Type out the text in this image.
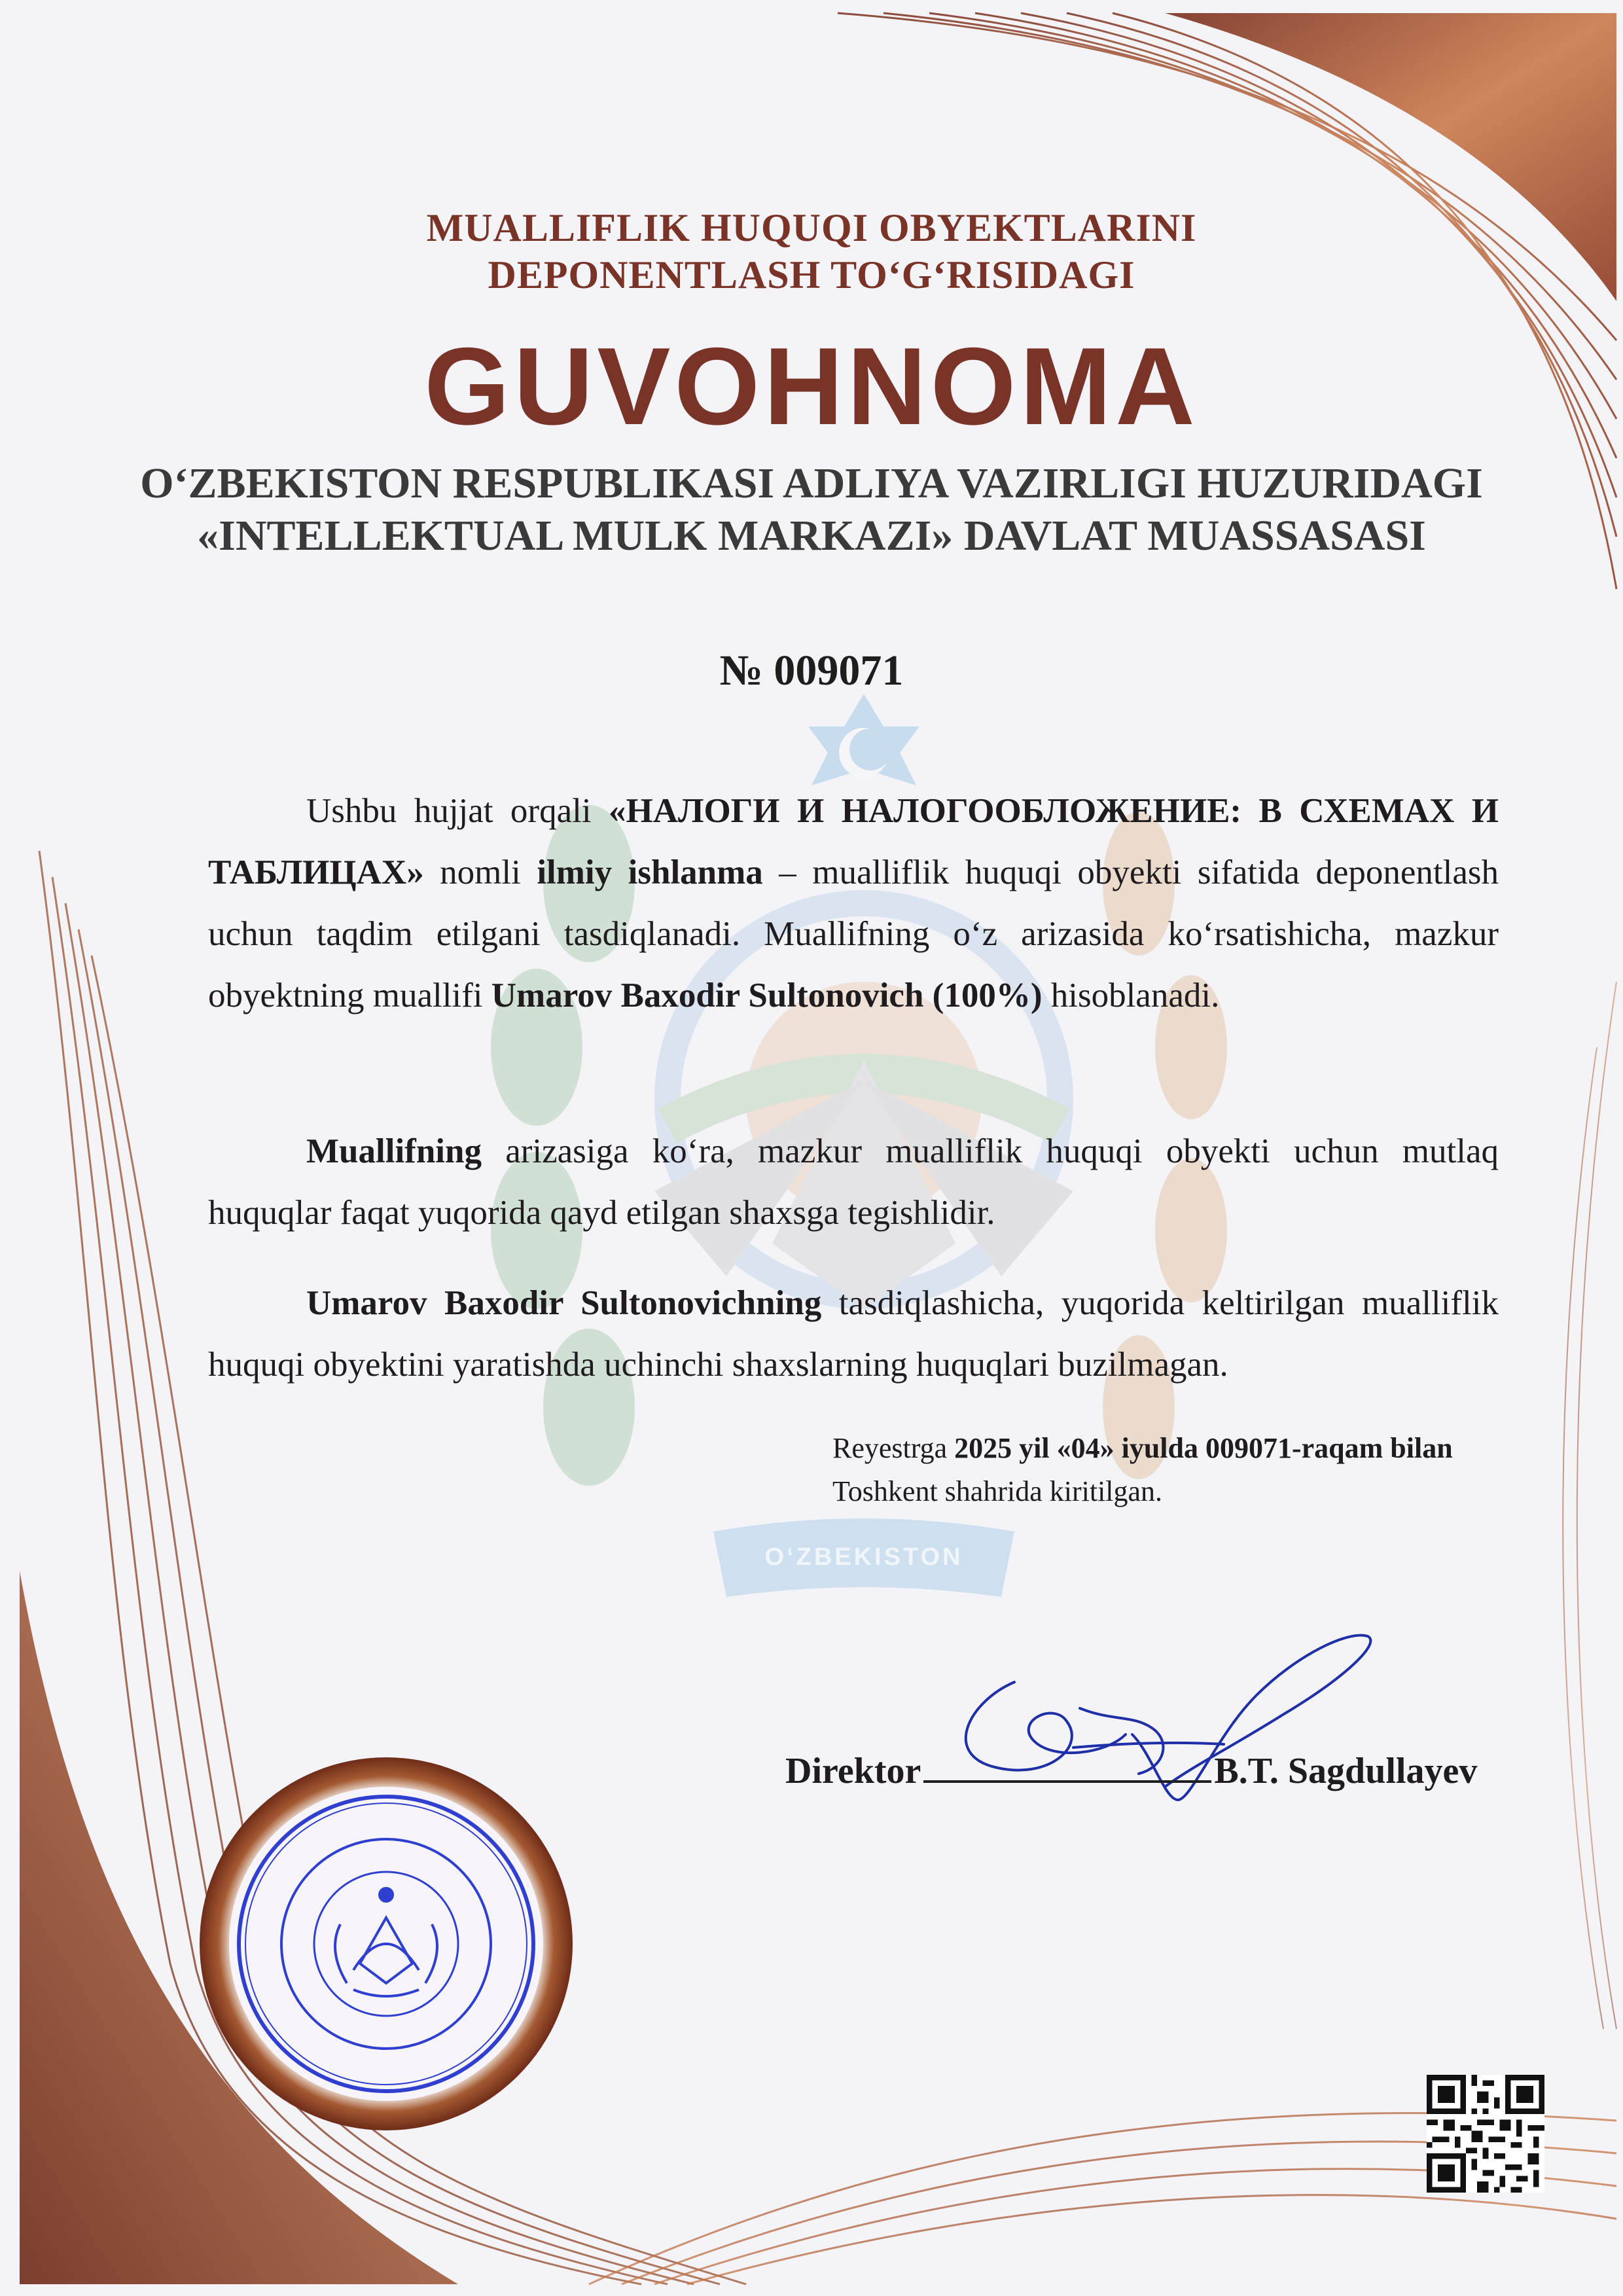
O‘ZBEKISTON
MUALLIFLIK HUQUQI OBYEKTLARINI
DEPONENTLASH TO‘G‘RISIDAGI
GUVOHNOMA
O‘ZBEKISTON RESPUBLIKASI ADLIYA VAZIRLIGI HUZURIDAGI
«INTELLEKTUAL MULK MARKAZI» DAVLAT MUASSASASI
№ 009071
Ushbu hujjat orqali «НАЛОГИ И НАЛОГООБЛОЖЕНИЕ: В СХЕМАХ И ТАБЛИЦАХ» nomli ilmiy ishlanma – mualliflik huquqi obyekti sifatida deponentlash uchun taqdim etilgani tasdiqlanadi. Muallifning o‘z arizasida ko‘rsatishicha, mazkur obyektning muallifi Umarov Baxodir Sultonovich (100%) hisoblanadi.
Muallifning arizasiga ko‘ra, mazkur mualliflik huquqi obyekti uchun mutlaq huquqlar faqat yuqorida qayd etilgan shaxsga tegishlidir.
Umarov Baxodir Sultonovichning tasdiqlashicha, yuqorida keltirilgan mualliflik huquqi obyektini yaratishda uchinchi shaxslarning huquqlari buzilmagan.
Reyestrga 2025 yil «04» iyulda 009071-raqam bilan Toshkent shahrida kiritilgan.
Direktor	B.T. Sagdullayev
